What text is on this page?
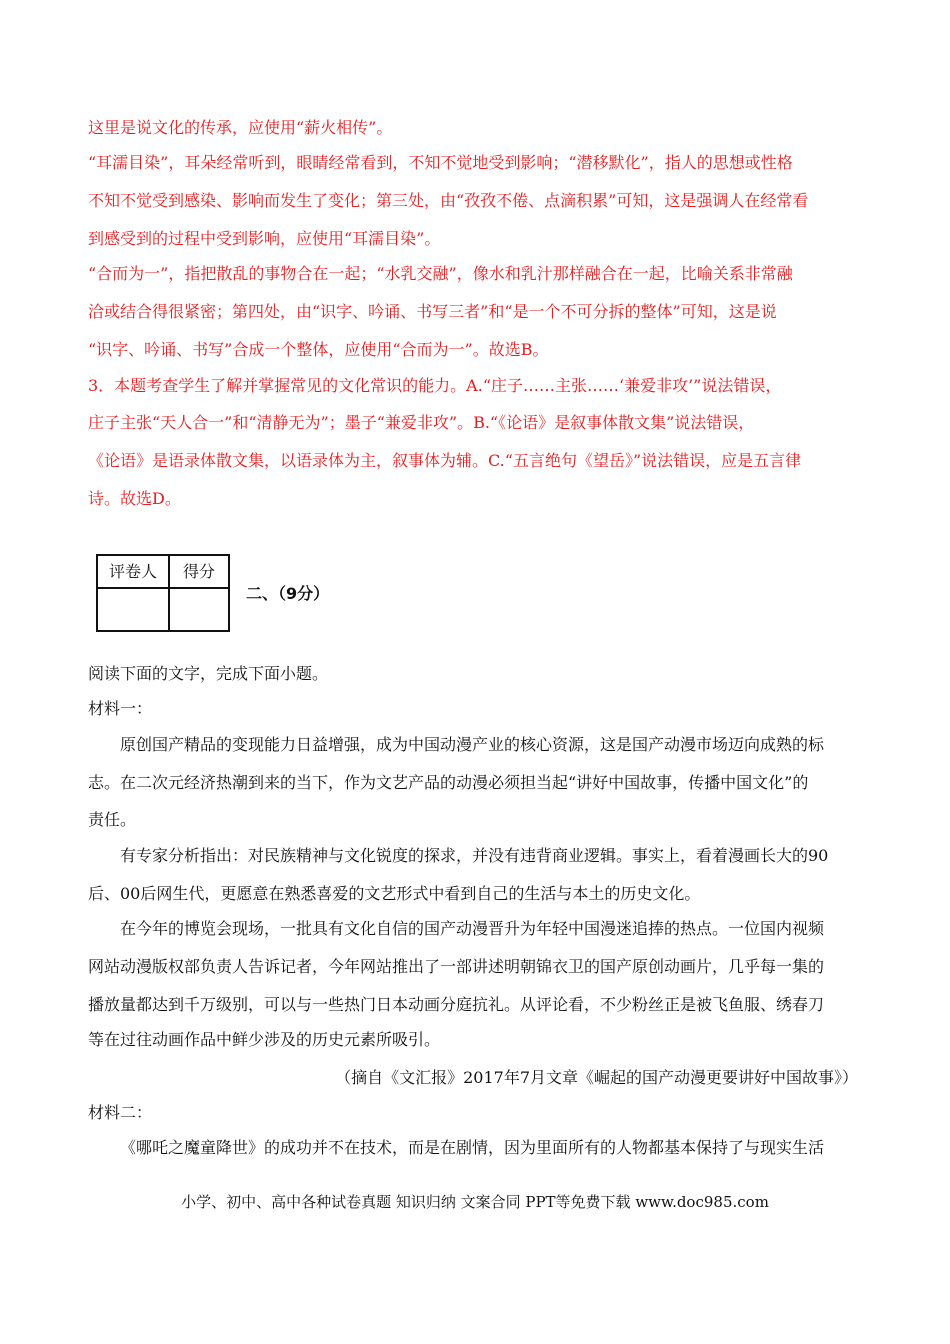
这里是说文化的传承，应使用“薪火相传”。
“耳濡目染”，耳朵经常听到，眼睛经常看到，不知不觉地受到影响；“潜移默化”，指人的思想或性格
不知不觉受到感染、影响而发生了变化；第三处，由“孜孜不倦、点滴积累”可知，这是强调人在经常看
到感受到的过程中受到影响，应使用“耳濡目染”。
“合而为一”，指把散乱的事物合在一起；“水乳交融”，像水和乳汁那样融合在一起，比喻关系非常融
洽或结合得很紧密；第四处，由“识字、吟诵、书写三者”和“是一个不可分拆的整体”可知，这是说
“识字、吟诵、书写”合成一个整体，应使用“合而为一”。故选B。
3．本题考查学生了解并掌握常见的文化常识的能力。A.“庄子……主张……‘兼爱非攻’”说法错误，
庄子主张“天人合一”和“清静无为”；墨子“兼爱非攻”。B.“《论语》是叙事体散文集”说法错误，
《论语》是语录体散文集，以语录体为主，叙事体为辅。C.“五言绝句《望岳》”说法错误，应是五言律
诗。故选D。
评卷人	得分
二、（9分）
阅读下面的文字，完成下面小题。
材料一：
原创国产精品的变现能力日益增强，成为中国动漫产业的核心资源，这是国产动漫市场迈向成熟的标
志。在二次元经济热潮到来的当下，作为文艺产品的动漫必须担当起“讲好中国故事，传播中国文化”的
责任。
有专家分析指出：对民族精神与文化锐度的探求，并没有违背商业逻辑。事实上，看着漫画长大的90
后、00后网生代，更愿意在熟悉喜爱的文艺形式中看到自己的生活与本土的历史文化。
在今年的博览会现场，一批具有文化自信的国产动漫晋升为年轻中国漫迷追捧的热点。一位国内视频
网站动漫版权部负责人告诉记者，今年网站推出了一部讲述明朝锦衣卫的国产原创动画片，几乎每一集的
播放量都达到千万级别，可以与一些热门日本动画分庭抗礼。从评论看，不少粉丝正是被飞鱼服、绣春刀
等在过往动画作品中鲜少涉及的历史元素所吸引。
（摘自《文汇报》2017年7月文章《崛起的国产动漫更要讲好中国故事》）
材料二：
《哪吒之魔童降世》的成功并不在技术，而是在剧情，因为里面所有的人物都基本保持了与现实生活
小学、初中、高中各种试卷真题 知识归纳 文案合同 PPT等免费下载 www.doc985.com
